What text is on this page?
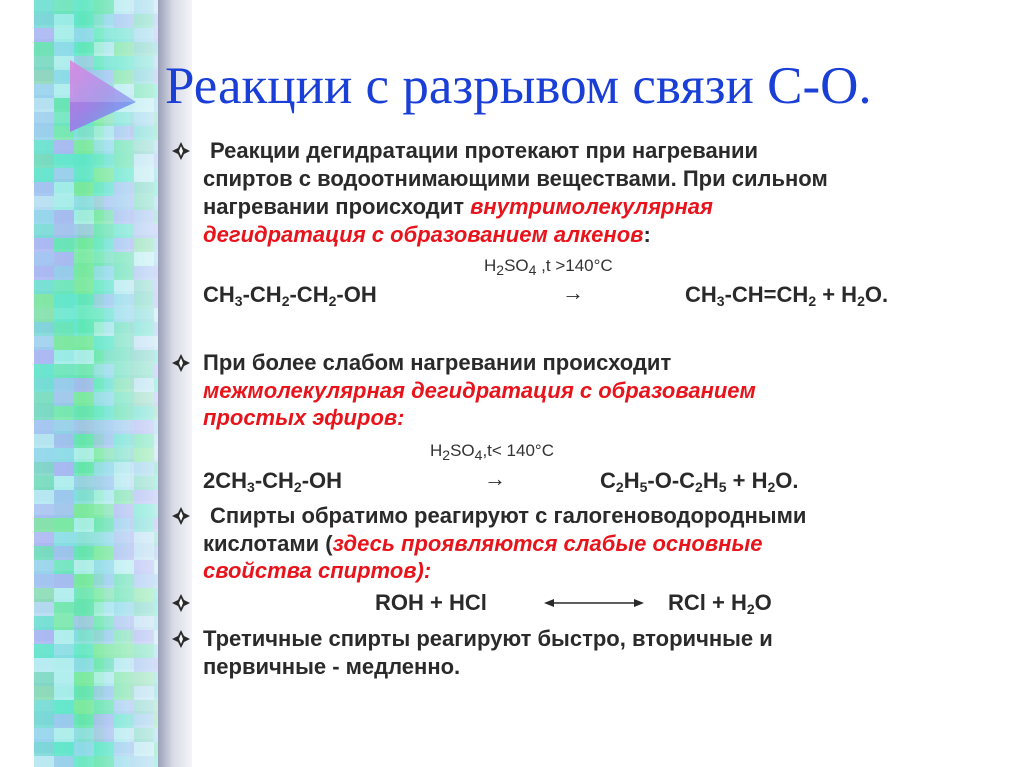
Реакции с разрывом связи С-О.
Реакции дегидратации протекают при нагревании
спиртов с водоотнимающими веществами. При сильном
нагревании происходит внутримолекулярная
дегидратация с образованием алкенов:
$H_2SO_4$ ,t >140°C
$CH_3-CH_2-CH_2-OH$	→	$CH_3-CH=CH_2 + H_2O$.
При более слабом нагревании происходит
межмолекулярная дегидратация с образованием
простых эфиров:
$H_2SO_4,t< 140^\circ C$
$2CH_3-CH_2-OH$	→	$C_2H_5-O-C_2H_5 + H_2O$.
Спирты обратимо реагируют с галогеноводородными
кислотами (здесь проявляются слабые основные
свойства спиртов):
ROH + HCl	RCl + $H_2O$
Третичные спирты реагируют быстро, вторичные и
первичные - медленно.
